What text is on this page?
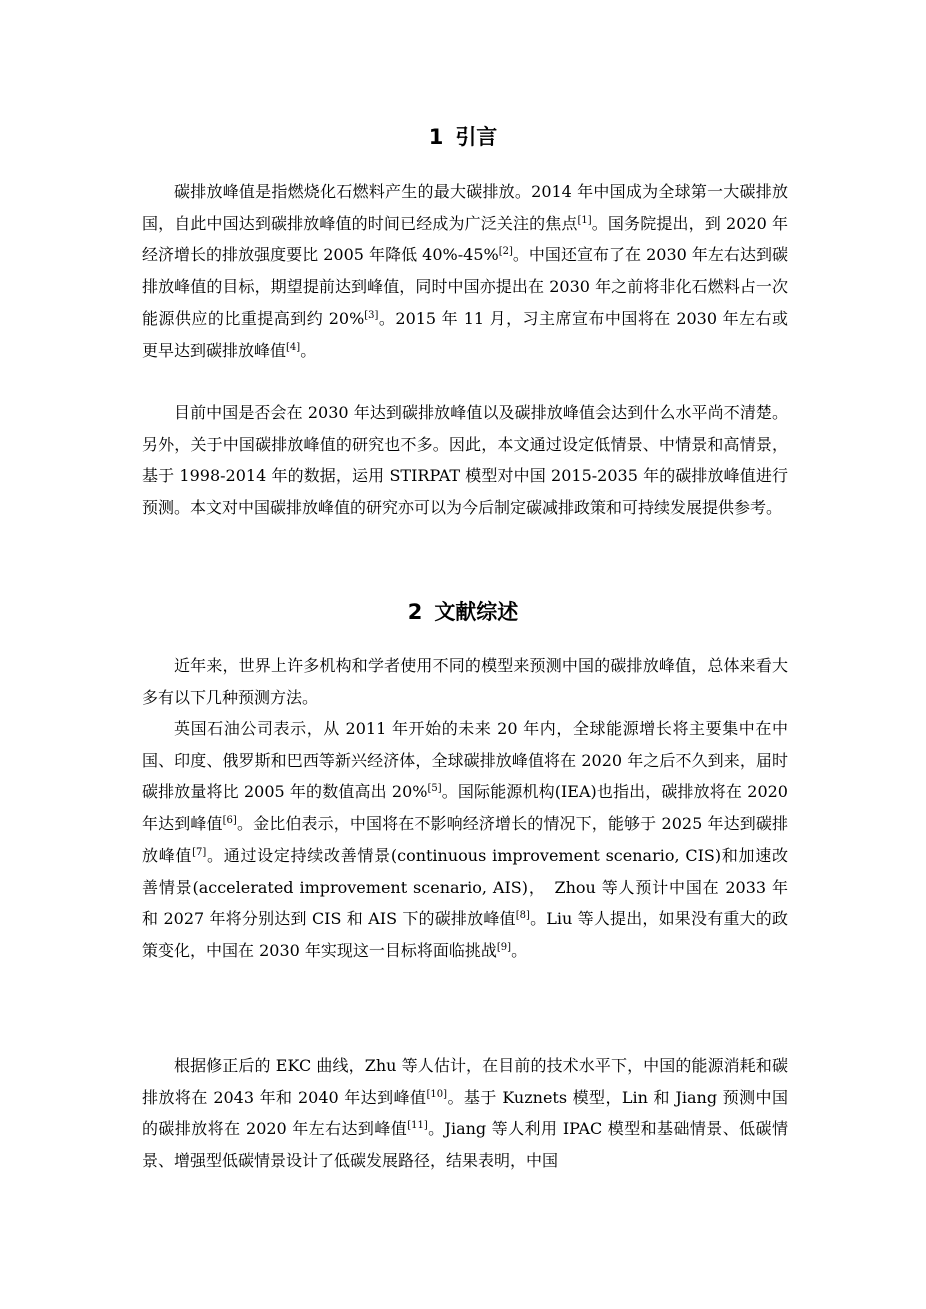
1 引言

碳排放峰值是指燃烧化石燃料产生的最大碳排放。2014 年中国成为全球第一大碳排放国，自此中国达到碳排放峰值的时间已经成为广泛关注的焦点[1]。国务院提出，到 2020 年经济增长的排放强度要比 2005 年降低 40%-45%[2]。中国还宣布了在 2030 年左右达到碳排放峰值的目标，期望提前达到峰值，同时中国亦提出在 2030 年之前将非化石燃料占一次能源供应的比重提高到约 20%[3]。2015 年 11 月，习主席宣布中国将在 2030 年左右或更早达到碳排放峰值[4]。

目前中国是否会在 2030 年达到碳排放峰值以及碳排放峰值会达到什么水平尚不清楚。另外，关于中国碳排放峰值的研究也不多。因此，本文通过设定低情景、中情景和高情景，基于 1998-2014 年的数据，运用 STIRPAT 模型对中国 2015-2035 年的碳排放峰值进行预测。本文对中国碳排放峰值的研究亦可以为今后制定碳减排政策和可持续发展提供参考。

2 文献综述

近年来，世界上许多机构和学者使用不同的模型来预测中国的碳排放峰值，总体来看大多有以下几种预测方法。

英国石油公司表示，从 2011 年开始的未来 20 年内，全球能源增长将主要集中在中国、印度、俄罗斯和巴西等新兴经济体，全球碳排放峰值将在 2020 年之后不久到来，届时碳排放量将比 2005 年的数值高出 20%[5]。国际能源机构(IEA)也指出，碳排放将在 2020 年达到峰值[6]。金比伯表示，中国将在不影响经济增长的情况下，能够于 2025 年达到碳排放峰值[7]。通过设定持续改善情景(continuous improvement scenario, CIS)和加速改善情景(accelerated improvement scenario, AIS)，　Zhou 等人预计中国在 2033 年和 2027 年将分别达到 CIS 和 AIS 下的碳排放峰值[8]。Liu 等人提出，如果没有重大的政策变化，中国在 2030 年实现这一目标将面临挑战[9]。

根据修正后的 EKC 曲线，Zhu 等人估计，在目前的技术水平下，中国的能源消耗和碳排放将在 2043 年和 2040 年达到峰值[10]。基于 Kuznets 模型，Lin 和 Jiang 预测中国的碳排放将在 2020 年左右达到峰值[11]。Jiang 等人利用 IPAC 模型和基础情景、低碳情景、增强型低碳情景设计了低碳发展路径，结果表明，中国
